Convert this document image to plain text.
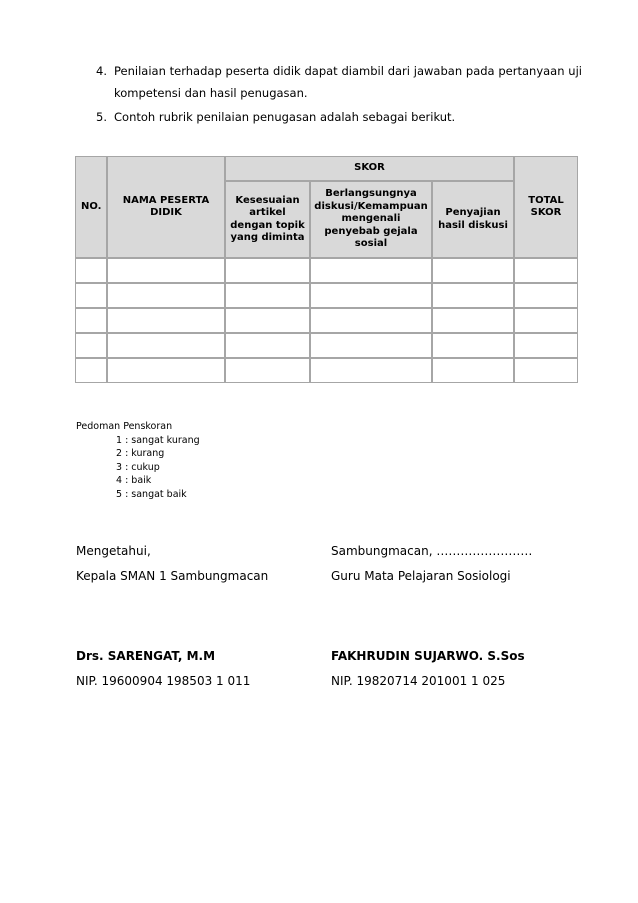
4. Penilaian terhadap peserta didik dapat diambil dari jawaban pada pertanyaan uji kompetensi dan hasil penugasan.
5. Contoh rubrik penilaian penugasan adalah sebagai berikut.
NO.	NAMA PESERTA DIDIK	SKOR			TOTAL SKOR
		Kesesuaian artikel dengan topik yang diminta	Berlangsungnya diskusi/Kemampuan mengenali penyebab gejala sosial	Penyajian hasil diskusi	

Pedoman Penskoran
1 : sangat kurang
2 : kurang
3 : cukup
4 : baik
5 : sangat baik
Mengetahui,
Kepala SMAN 1 Sambungmacan
Drs. SARENGAT, M.M
NIP. 19600904 198503 1 011
Sambungmacan, ……………………
Guru Mata Pelajaran Sosiologi
FAKHRUDIN SUJARWO. S.Sos
NIP. 19820714 201001 1 025
